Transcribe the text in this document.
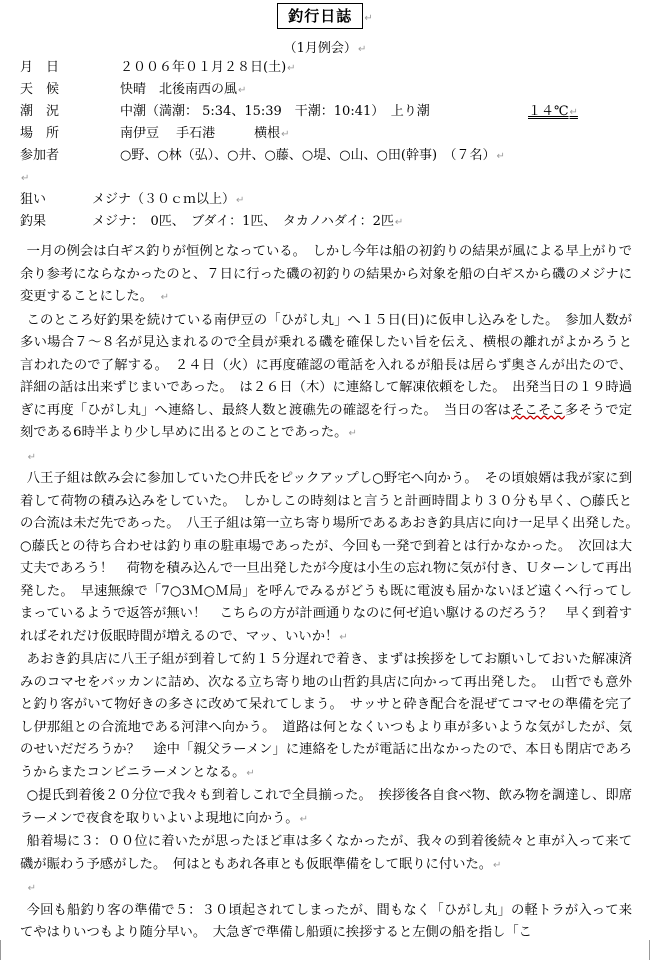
釣行日誌 ↵
（1月例会）↵
月　日	２００６年０１月２８日(土)↵
天　候	快晴　北後南西の風↵
潮　況	中潮（満潮： 5:34、15:39　干潮：10:41）　上り潮	１４℃↵
場　所	南伊豆　 手石港　　　横根↵
参加者	○野、○林（弘）、○井、○藤、○堤、○山、○田(幹事)　（７名）↵
↵
狙い	メジナ（３０ｃｍ以上）↵
釣果	メジナ：　0匹、　ブダイ：1匹、　タカノハダイ：2匹↵

一月の例会は白ギス釣りが恒例となっている。　しかし今年は船の初釣りの結果が風による早上がりで余り参考にならなかったのと、７日に行った磯の初釣りの結果から対象を船の白ギスから磯のメジナに変更することにした。　↵

このところ好釣果を続けている南伊豆の「ひがし丸」へ１５日(日)に仮申し込みをした。　参加人数が多い場合７～８名が見込まれるので全員が乗れる磯を確保したい旨を伝え、横根の離れがよかろうと言われたので了解する。　２４日（火）に再度確認の電話を入れるが船長は居らず奥さんが出たので、詳細の話は出来ずじまいであった。　は２６日（木）に連絡して解凍依頼をした。　出発当日の１９時過ぎに再度「ひがし丸」へ連絡し、最終人数と渡礁先の確認を行った。　当日の客はそこそこ多そうで定刻である6時半より少し早めに出るとのことであった。↵

↵

八王子組は飲み会に参加していた○井氏をピックアップし○野宅へ向かう。　その頃娘婿は我が家に到着して荷物の積み込みをしていた。　しかしこの時刻はと言うと計画時間より３０分も早く、○藤氏との合流は未だ先であった。　八王子組は第一立ち寄り場所であるあおき釣具店に向け一足早く出発した。　○藤氏との待ち合わせは釣り車の駐車場であったが、今回も一発で到着とは行かなかった。　次回は大丈夫であろう！　荷物を積み込んで一旦出発したが今度は小生の忘れ物に気が付き、Ｕターンして再出発した。　早速無線で「7○3Ｍ○Ｍ局」を呼んでみるがどうも既に電波も届かないほど遠くへ行ってしまっているようで返答が無い！　こちらの方が計画通りなのに何ゼ追い駆けるのだろう？　早く到着すればそれだけ仮眠時間が増えるので、マッ、いいか！↵

あおき釣具店に八王子組が到着して約１５分遅れで着き、まずは挨拶をしてお願いしておいた解凍済みのコマセをバッカンに詰め、次なる立ち寄り地の山哲釣具店に向かって再出発した。　山哲でも意外と釣り客がいて物好きの多さに改めて呆れてしまう。　サッサと砕き配合を混ぜてコマセの準備を完了し伊那組との合流地である河津へ向かう。　道路は何となくいつもより車が多いような気がしたが、気のせいだだろうか？　途中「親父ラーメン」に連絡をしたが電話に出なかったので、本日も閉店であろうからまたコンビニラーメンとなる。↵

○提氏到着後２０分位で我々も到着しこれで全員揃った。　挨拶後各自食べ物、飲み物を調達し、即席ラーメンで夜食を取りいよいよ現地に向かう。↵

船着場に３：００位に着いたが思ったほど車は多くなかったが、我々の到着後続々と車が入って来て磯が賑わう予感がした。　何はともあれ各車とも仮眠準備をして眠りに付いた。↵

↵

今回も船釣り客の準備で５：３０頃起されてしまったが、間もなく「ひがし丸」の軽トラが入って来てやはりいつもより随分早い。　大急ぎで準備し船頭に挨拶すると左側の船を指し「こ
